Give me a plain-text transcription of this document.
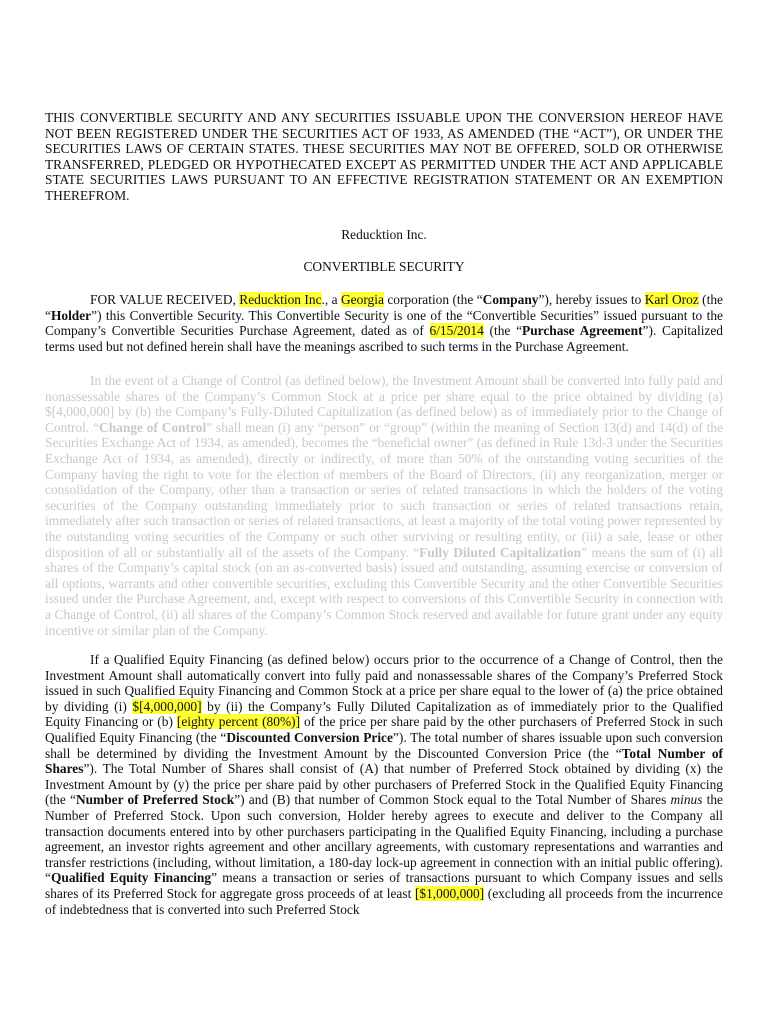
THIS CONVERTIBLE SECURITY AND ANY SECURITIES ISSUABLE UPON THE CONVERSION HEREOF HAVE NOT BEEN REGISTERED UNDER THE SECURITIES ACT OF 1933, AS AMENDED (THE “ACT”), OR UNDER THE SECURITIES LAWS OF CERTAIN STATES. THESE SECURITIES MAY NOT BE OFFERED, SOLD OR OTHERWISE TRANSFERRED, PLEDGED OR HYPOTHECATED EXCEPT AS PERMITTED UNDER THE ACT AND APPLICABLE STATE SECURITIES LAWS PURSUANT TO AN EFFECTIVE REGISTRATION STATEMENT OR AN EXEMPTION THEREFROM.
Reducktion Inc.
CONVERTIBLE SECURITY
FOR VALUE RECEIVED, Reducktion Inc., a Georgia corporation (the “Company”), hereby issues to Karl Oroz (the “Holder”) this Convertible Security. This Convertible Security is one of the “Convertible Securities” issued pursuant to the Company’s Convertible Securities Purchase Agreement, dated as of 6/15/2014 (the “Purchase Agreement”). Capitalized terms used but not defined herein shall have the meanings ascribed to such terms in the Purchase Agreement.
In the event of a Change of Control (as defined below), the Investment Amount shall be converted into fully paid and nonassessable shares of the Company’s Common Stock at a price per share equal to the price obtained by dividing (a) $[4,000,000] by (b) the Company’s Fully-Diluted Capitalization (as defined below) as of immediately prior to the Change of Control. “Change of Control” shall mean (i) any “person” or “group” (within the meaning of Section 13(d) and 14(d) of the Securities Exchange Act of 1934, as amended), becomes the “beneficial owner” (as defined in Rule 13d-3 under the Securities Exchange Act of 1934, as amended), directly or indirectly, of more than 50% of the outstanding voting securities of the Company having the right to vote for the election of members of the Board of Directors, (ii) any reorganization, merger or consolidation of the Company, other than a transaction or series of related transactions in which the holders of the voting securities of the Company outstanding immediately prior to such transaction or series of related transactions retain, immediately after such transaction or series of related transactions, at least a majority of the total voting power represented by the outstanding voting securities of the Company or such other surviving or resulting entity, or (iii) a sale, lease or other disposition of all or substantially all of the assets of the Company. “Fully Diluted Capitalization” means the sum of (i) all shares of the Company’s capital stock (on an as-converted basis) issued and outstanding, assuming exercise or conversion of all options, warrants and other convertible securities, excluding this Convertible Security and the other Convertible Securities issued under the Purchase Agreement, and, except with respect to conversions of this Convertible Security in connection with a Change of Control, (ii) all shares of the Company’s Common Stock reserved and available for future grant under any equity incentive or similar plan of the Company.
If a Qualified Equity Financing (as defined below) occurs prior to the occurrence of a Change of Control, then the Investment Amount shall automatically convert into fully paid and nonassessable shares of the Company’s Preferred Stock issued in such Qualified Equity Financing and Common Stock at a price per share equal to the lower of (a) the price obtained by dividing (i) $[4,000,000] by (ii) the Company’s Fully Diluted Capitalization as of immediately prior to the Qualified Equity Financing or (b) [eighty percent (80%)] of the price per share paid by the other purchasers of Preferred Stock in such Qualified Equity Financing (the “Discounted Conversion Price”). The total number of shares issuable upon such conversion shall be determined by dividing the Investment Amount by the Discounted Conversion Price (the “Total Number of Shares”). The Total Number of Shares shall consist of (A) that number of Preferred Stock obtained by dividing (x) the Investment Amount by (y) the price per share paid by other purchasers of Preferred Stock in the Qualified Equity Financing (the “Number of Preferred Stock”) and (B) that number of Common Stock equal to the Total Number of Shares minus the Number of Preferred Stock. Upon such conversion, Holder hereby agrees to execute and deliver to the Company all transaction documents entered into by other purchasers participating in the Qualified Equity Financing, including a purchase agreement, an investor rights agreement and other ancillary agreements, with customary representations and warranties and transfer restrictions (including, without limitation, a 180-day lock-up agreement in connection with an initial public offering). “Qualified Equity Financing” means a transaction or series of transactions pursuant to which Company issues and sells shares of its Preferred Stock for aggregate gross proceeds of at least [$1,000,000] (excluding all proceeds from the incurrence of indebtedness that is converted into such Preferred Stock
